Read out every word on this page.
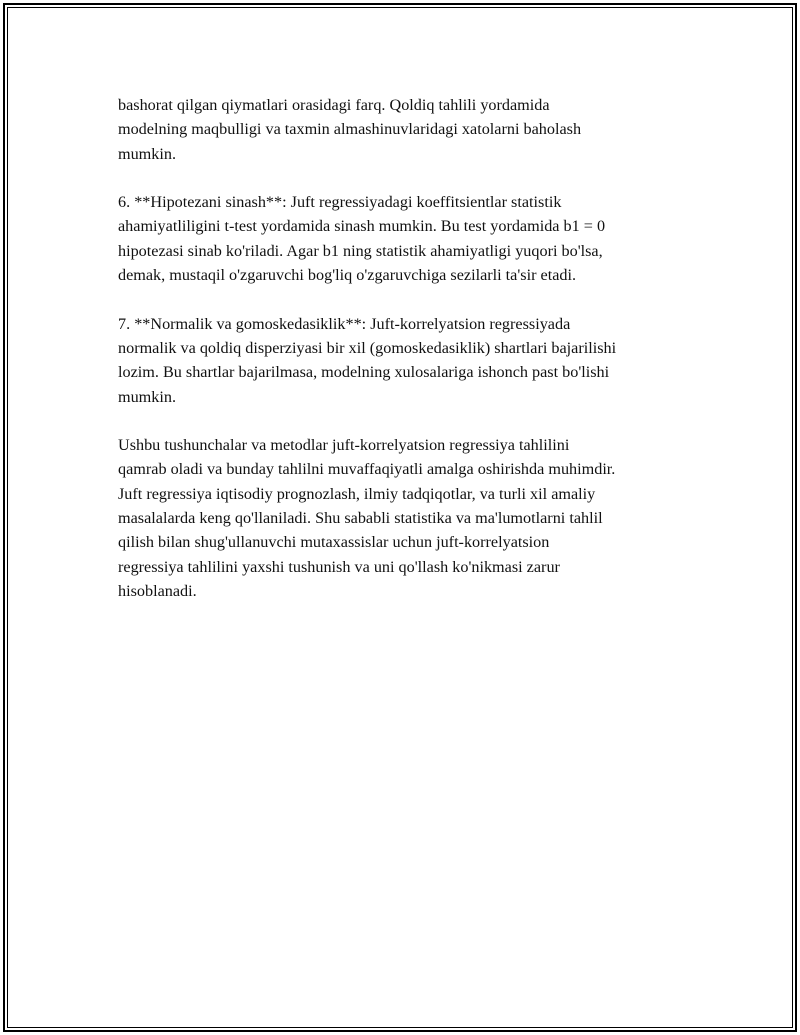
bashorat qilgan qiymatlari orasidagi farq. Qoldiq tahlili yordamida
modelning maqbulligi va taxmin almashinuvlaridagi xatolarni baholash
mumkin.

6. **Hipotezani sinash**: Juft regressiyadagi koeffitsientlar statistik
ahamiyatliligini t-test yordamida sinash mumkin. Bu test yordamida b1 = 0
hipotezasi sinab ko'riladi. Agar b1 ning statistik ahamiyatligi yuqori bo'lsa,
demak, mustaqil o'zgaruvchi bog'liq o'zgaruvchiga sezilarli ta'sir etadi.

7. **Normalik va gomoskedasiklik**: Juft-korrelyatsion regressiyada
normalik va qoldiq disperziyasi bir xil (gomoskedasiklik) shartlari bajarilishi
lozim. Bu shartlar bajarilmasa, modelning xulosalariga ishonch past bo'lishi
mumkin.

Ushbu tushunchalar va metodlar juft-korrelyatsion regressiya tahlilini
qamrab oladi va bunday tahlilni muvaffaqiyatli amalga oshirishda muhimdir.
Juft regressiya iqtisodiy prognozlash, ilmiy tadqiqotlar, va turli xil amaliy
masalalarda keng qo'llaniladi. Shu sababli statistika va ma'lumotlarni tahlil
qilish bilan shug'ullanuvchi mutaxassislar uchun juft-korrelyatsion
regressiya tahlilini yaxshi tushunish va uni qo'llash ko'nikmasi zarur
hisoblanadi.
